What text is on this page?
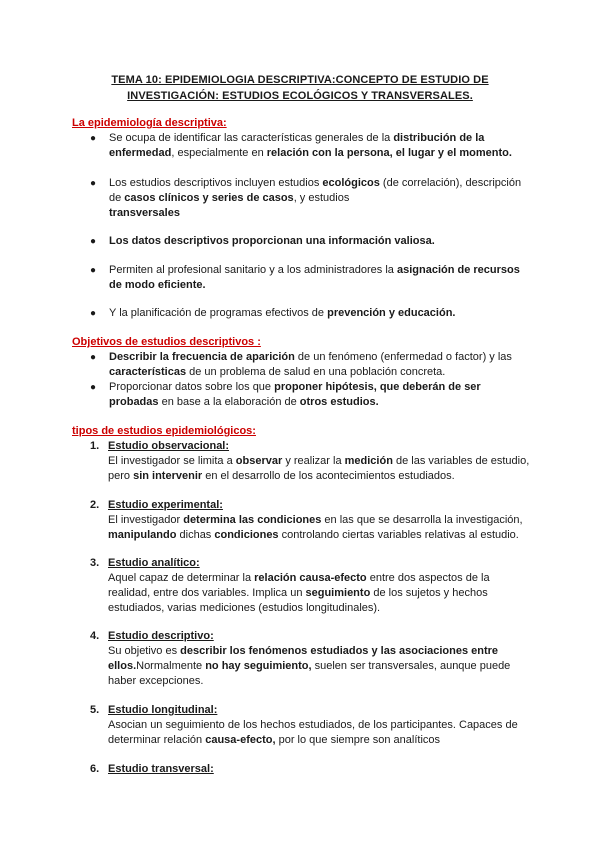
TEMA 10: EPIDEMIOLOGIA DESCRIPTIVA:CONCEPTO DE ESTUDIO DE
INVESTIGACIÓN: ESTUDIOS ECOLÓGICOS Y TRANSVERSALES.
La epidemiología descriptiva:
●	Se ocupa de identificar las características generales de la distribución de la enfermedad, especialmente en relación con la persona, el lugar y el momento.
●	Los estudios descriptivos incluyen estudios ecológicos (de correlación), descripción de casos clínicos y series de casos, y estudios
transversales
●	Los datos descriptivos proporcionan una información valiosa.
●	Permiten al profesional sanitario y a los administradores la asignación de recursos de modo eficiente.
●	Y la planificación de programas efectivos de prevención y educación.
Objetivos de estudios descriptivos :
●	Describir la frecuencia de aparición de un fenómeno (enfermedad o factor) y las características de un problema de salud en una población concreta.
●	Proporcionar datos sobre los que proponer hipótesis, que deberán de ser probadas en base a la elaboración de otros estudios.
tipos de estudios epidemiológicos:
1. Estudio observacional:
El investigador se limita a observar y realizar la medición de las variables de estudio, pero sin intervenir en el desarrollo de los acontecimientos estudiados.
2. Estudio experimental:
El investigador determina las condiciones en las que se desarrolla la investigación, manipulando dichas condiciones controlando ciertas variables relativas al estudio.
3. Estudio analítico:
Aquel capaz de determinar la relación causa-efecto entre dos aspectos de la realidad, entre dos variables. Implica un seguimiento de los sujetos y hechos estudiados, varias mediciones (estudios longitudinales).
4. Estudio descriptivo:
Su objetivo es describir los fenómenos estudiados y las asociaciones entre ellos.Normalmente no hay seguimiento, suelen ser transversales, aunque puede haber excepciones.
5. Estudio longitudinal:
Asocian un seguimiento de los hechos estudiados, de los participantes. Capaces de determinar relación causa-efecto, por lo que siempre son analíticos
6. Estudio transversal:
